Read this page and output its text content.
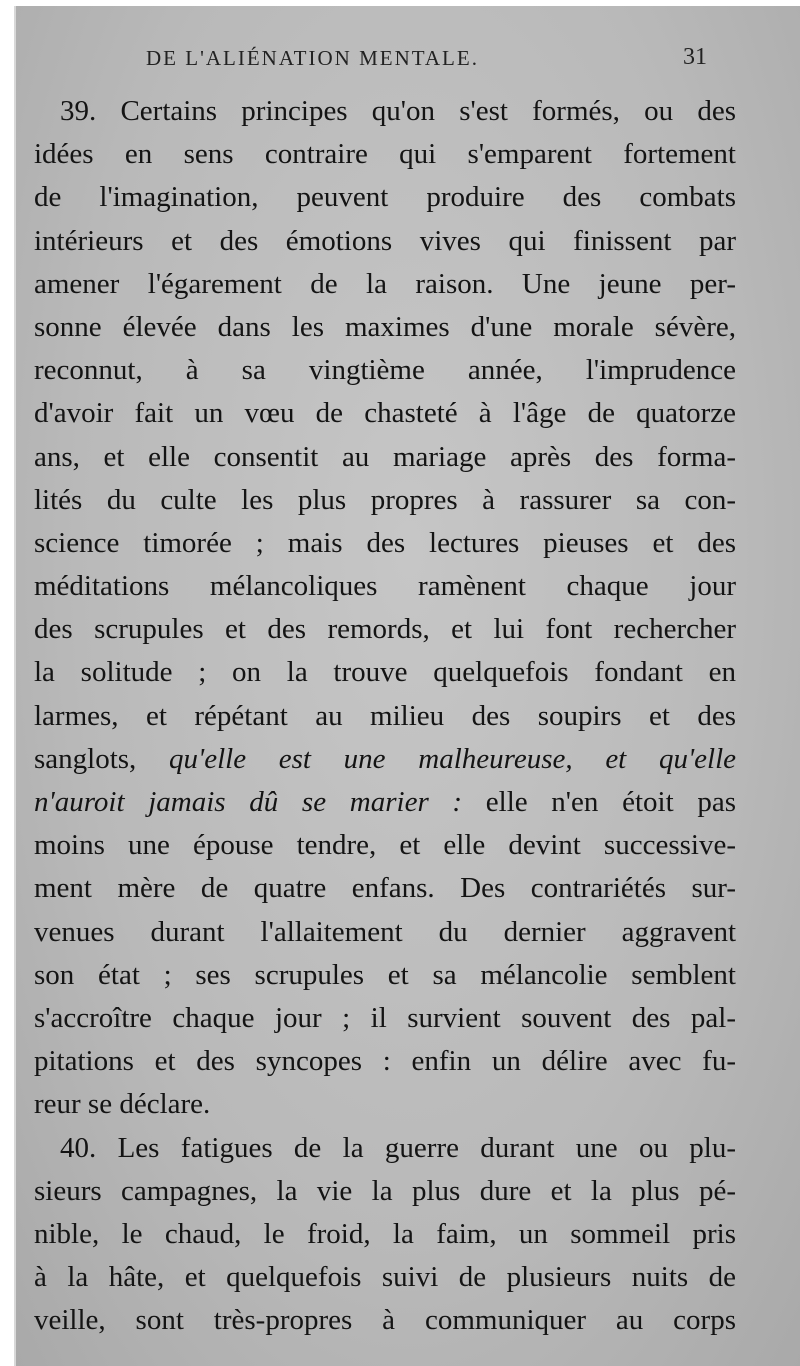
DE L'ALIÉNATION MENTALE.	31
39. Certains principes qu'on s'est formés, ou des
idées en sens contraire qui s'emparent fortement
de l'imagination, peuvent produire des combats
intérieurs et des émotions vives qui finissent par
amener l'égarement de la raison. Une jeune per-
sonne élevée dans les maximes d'une morale sévère,
reconnut, à sa vingtième année, l'imprudence
d'avoir fait un vœu de chasteté à l'âge de quatorze
ans, et elle consentit au mariage après des forma-
lités du culte les plus propres à rassurer sa con-
science timorée ; mais des lectures pieuses et des
méditations mélancoliques ramènent chaque jour
des scrupules et des remords, et lui font rechercher
la solitude ; on la trouve quelquefois fondant en
larmes, et répétant au milieu des soupirs et des
sanglots, qu'elle est une malheureuse, et qu'elle
n'auroit jamais dû se marier : elle n'en étoit pas
moins une épouse tendre, et elle devint successive-
ment mère de quatre enfans. Des contrariétés sur-
venues durant l'allaitement du dernier aggravent
son état ; ses scrupules et sa mélancolie semblent
s'accroître chaque jour ; il survient souvent des pal-
pitations et des syncopes : enfin un délire avec fu-
reur se déclare.
40. Les fatigues de la guerre durant une ou plu-
sieurs campagnes, la vie la plus dure et la plus pé-
nible, le chaud, le froid, la faim, un sommeil pris
à la hâte, et quelquefois suivi de plusieurs nuits de
veille, sont très-propres à communiquer au corps
